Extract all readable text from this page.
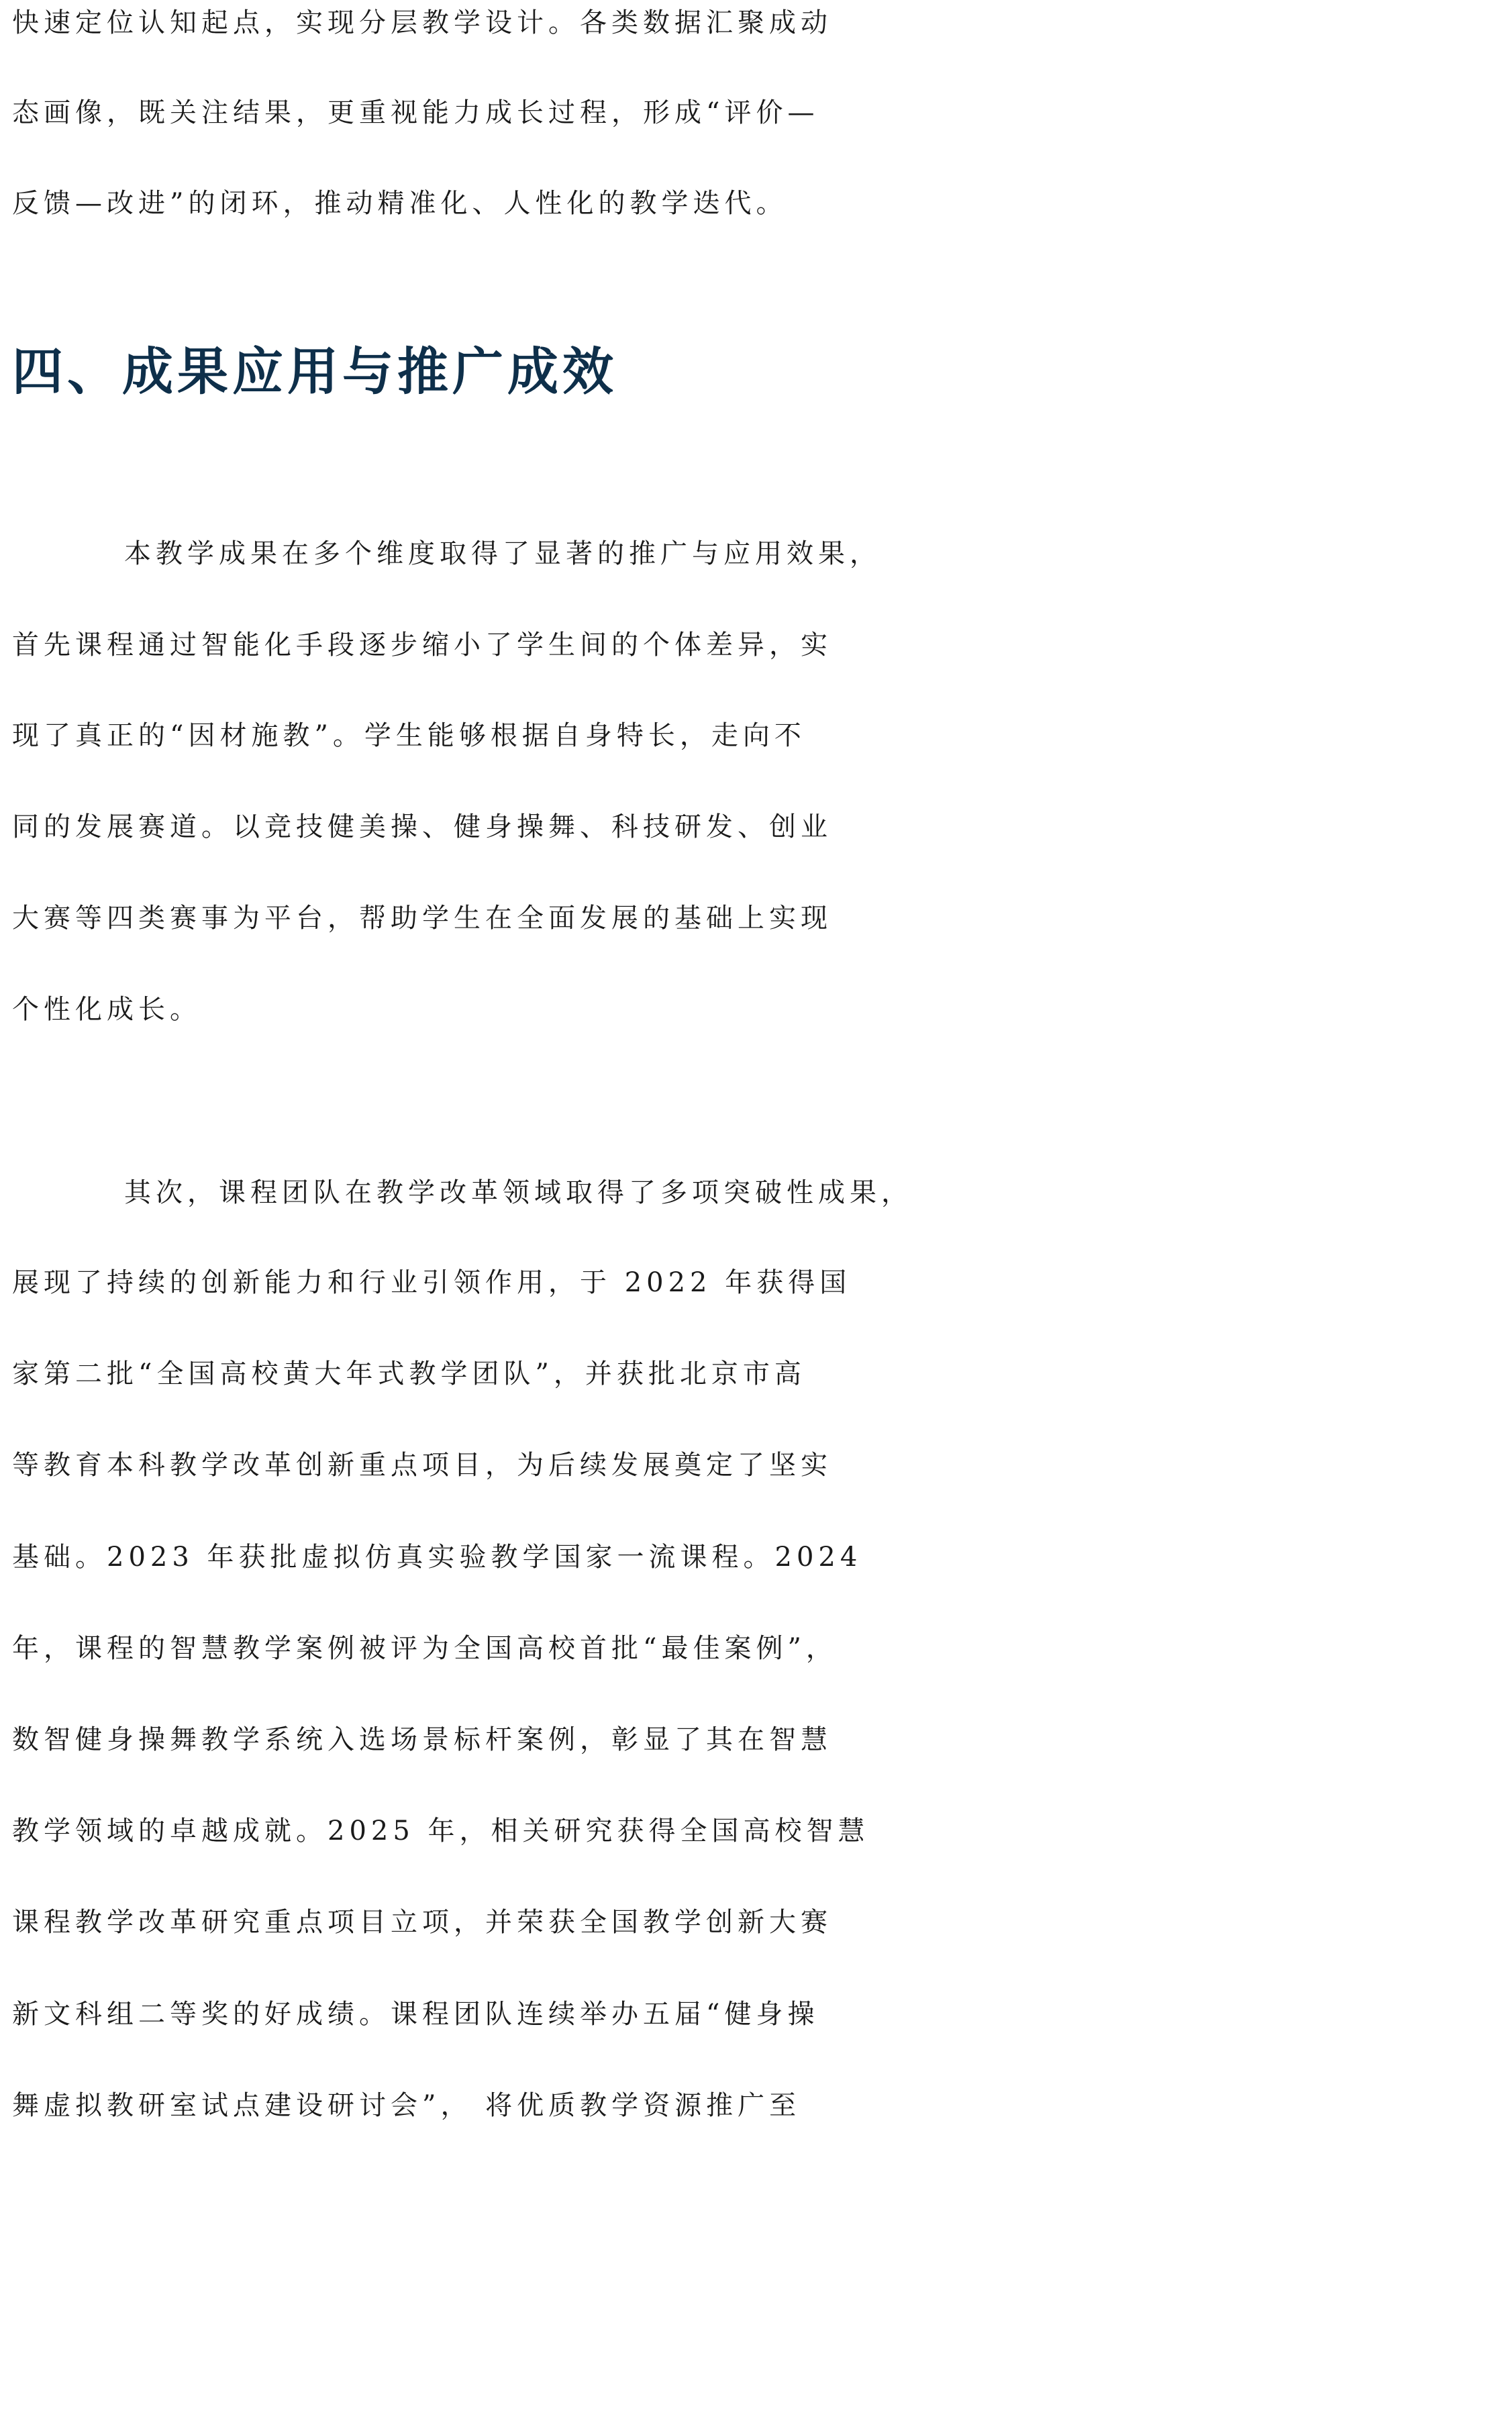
快速定位认知起点，实现分层教学设计。各类数据汇聚成动
态画像，既关注结果，更重视能力成长过程，形成“评价—
反馈—改进”的闭环，推动精准化、人性化的教学迭代。
四、成果应用与推广成效
本教学成果在多个维度取得了显著的推广与应用效果，
首先课程通过智能化手段逐步缩小了学生间的个体差异，实
现了真正的“因材施教”。学生能够根据自身特长，走向不
同的发展赛道。以竞技健美操、健身操舞、科技研发、创业
大赛等四类赛事为平台，帮助学生在全面发展的基础上实现
个性化成长。
其次，课程团队在教学改革领域取得了多项突破性成果，
展现了持续的创新能力和行业引领作用，于 2022 年获得国
家第二批“全国高校黄大年式教学团队”，并获批北京市高
等教育本科教学改革创新重点项目，为后续发展奠定了坚实
基础。2023 年获批虚拟仿真实验教学国家一流课程。2024
年，课程的智慧教学案例被评为全国高校首批“最佳案例”，
数智健身操舞教学系统入选场景标杆案例，彰显了其在智慧
教学领域的卓越成就。2025 年，相关研究获得全国高校智慧
课程教学改革研究重点项目立项，并荣获全国教学创新大赛
新文科组二等奖的好成绩。课程团队连续举办五届“健身操
舞虚拟教研室试点建设研讨会”， 将优质教学资源推广至
